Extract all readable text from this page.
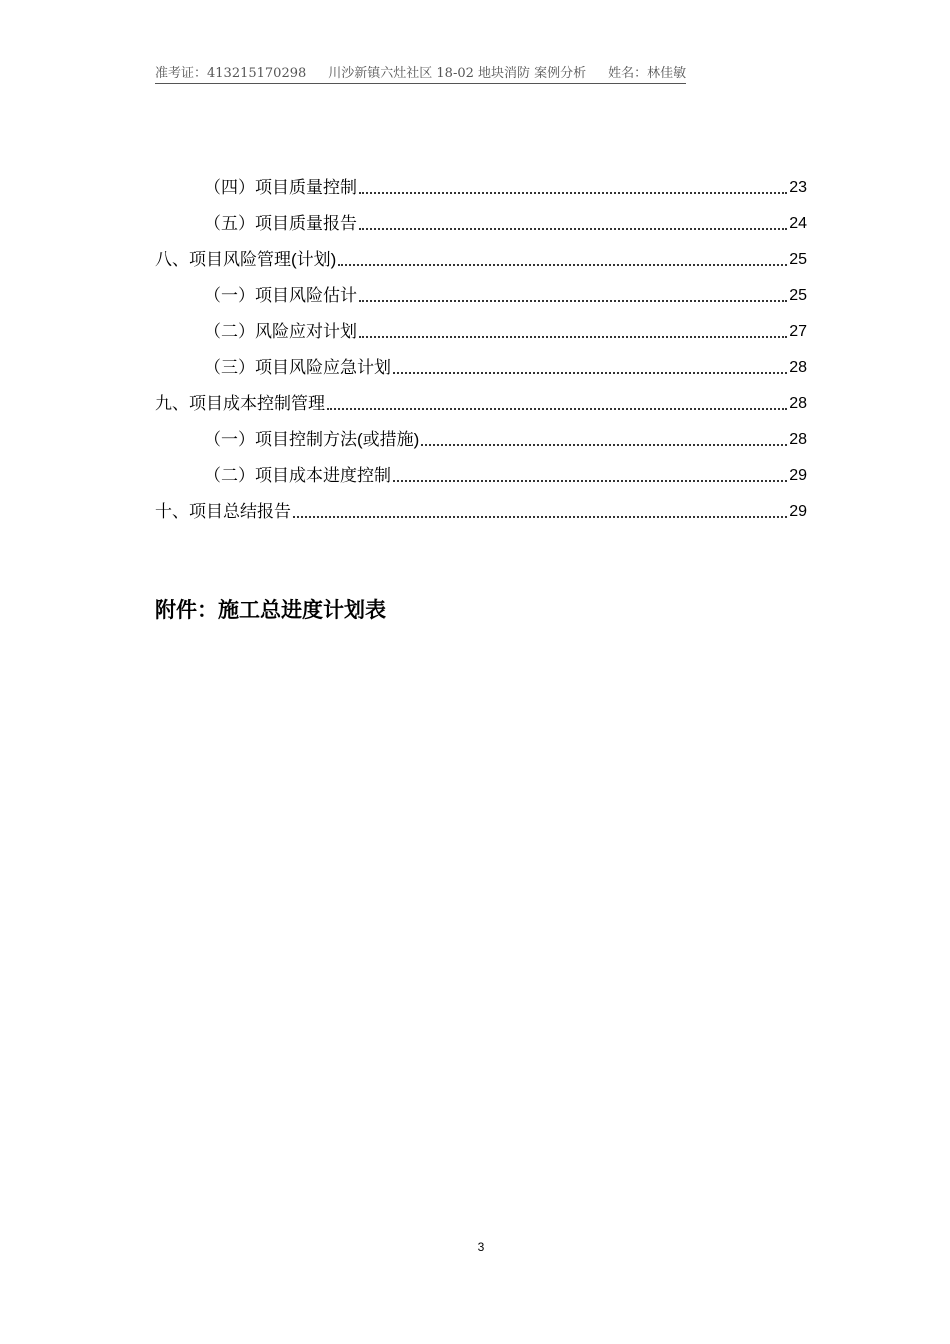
准考证：413215170298 川沙新镇六灶社区 18-02 地块消防 案例分析 姓名：林佳敏
（四）项目质量控制	23
（五）项目质量报告	24
八、项目风险管理(计划)	25
（一）项目风险估计	25
（二）风险应对计划	27
（三）项目风险应急计划	28
九、项目成本控制管理	28
（一）项目控制方法(或措施)	28
（二）项目成本进度控制	29
十、项目总结报告	29
附件：施工总进度计划表
3
